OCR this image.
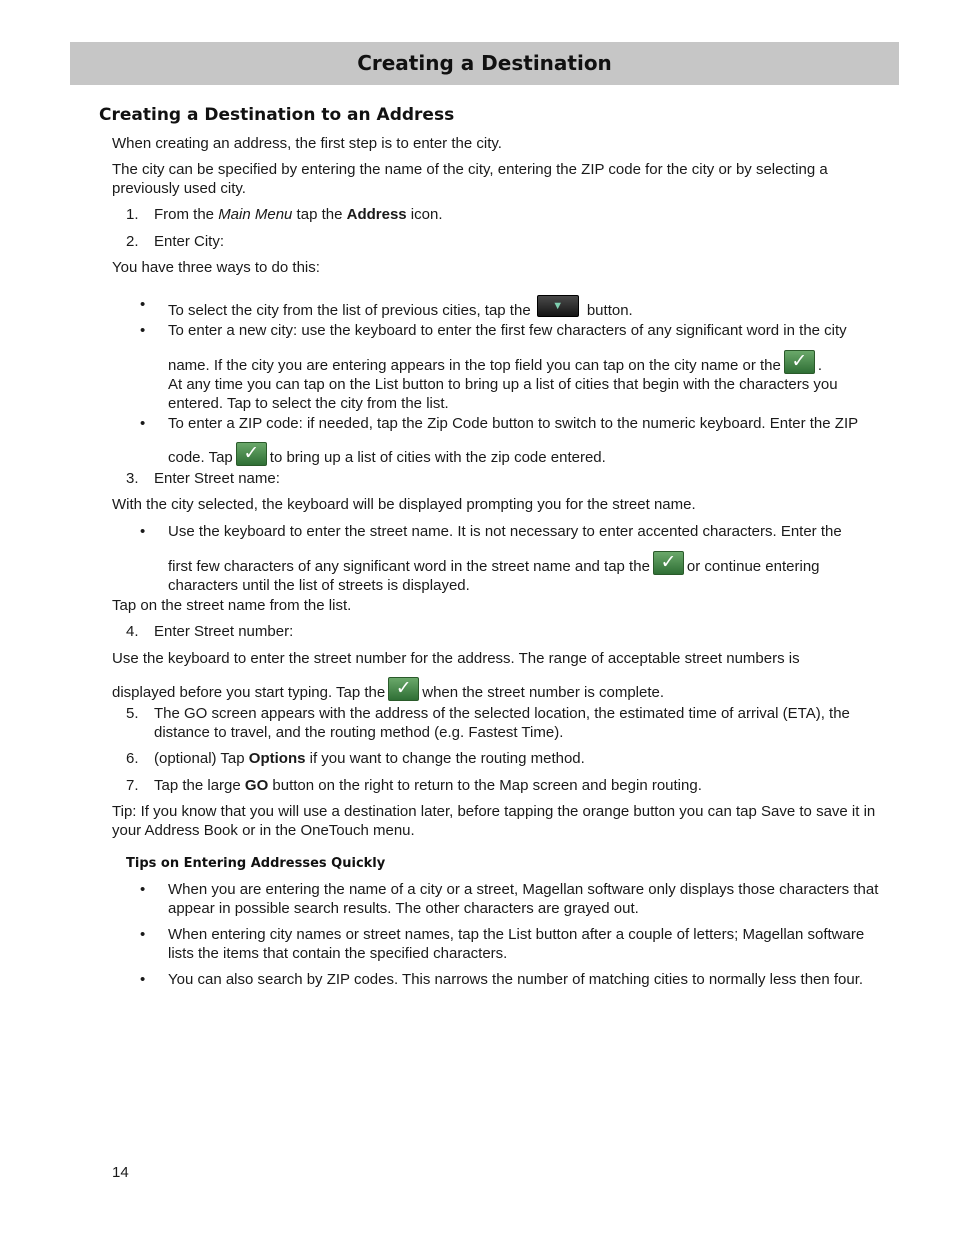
Creating a Destination
Creating a Destination to an Address

When creating an address, the first step is to enter the city.

The city can be specified by entering the name of the city, entering the ZIP code for the city or by selecting a previously used city.

1.	From the Main Menu tap the Address icon.

2.	Enter City:

You have three ways to do this:

• To select the city from the list of previous cities, tap the ▼	button.

• To enter a new city: use the keyboard to enter the first few characters of any significant word in the city

name. If the city you are entering appears in the top field you can tap on the city name or the ✓ .
At any time you can tap on the List button to bring up a list of cities that begin with the characters you entered. Tap to select the city from the list.

• To enter a ZIP code: if needed, tap the Zip Code button to switch to the numeric keyboard. Enter the ZIP

code. Tap ✓ to bring up a list of cities with the zip code entered.

3.	Enter Street name:

With the city selected, the keyboard will be displayed prompting you for the street name.

• Use the keyboard to enter the street name. It is not necessary to enter accented characters. Enter the

first few characters of any significant word in the street name and tap the ✓ or continue entering characters until the list of streets is displayed.

Tap on the street name from the list.

4.	Enter Street number:

Use the keyboard to enter the street number for the address. The range of acceptable street numbers is

displayed before you start typing. Tap the ✓ when the street number is complete.

5.	The GO screen appears with the address of the selected location, the estimated time of arrival (ETA), the distance to travel, and the routing method (e.g. Fastest Time).

6.	(optional) Tap Options if you want to change the routing method.

7.	Tap the large GO button on the right to return to the Map screen and begin routing.

Tip: If you know that you will use a destination later, before tapping the orange button you can tap Save to save it in your Address Book or in the OneTouch menu.

Tips on Entering Addresses Quickly

• When you are entering the name of a city or a street, Magellan software only displays those characters that appear in possible search results. The other characters are grayed out.

• When entering city names or street names, tap the List button after a couple of letters; Magellan software lists the items that contain the specified characters.

• You can also search by ZIP codes. This narrows the number of matching cities to normally less then four.

14
